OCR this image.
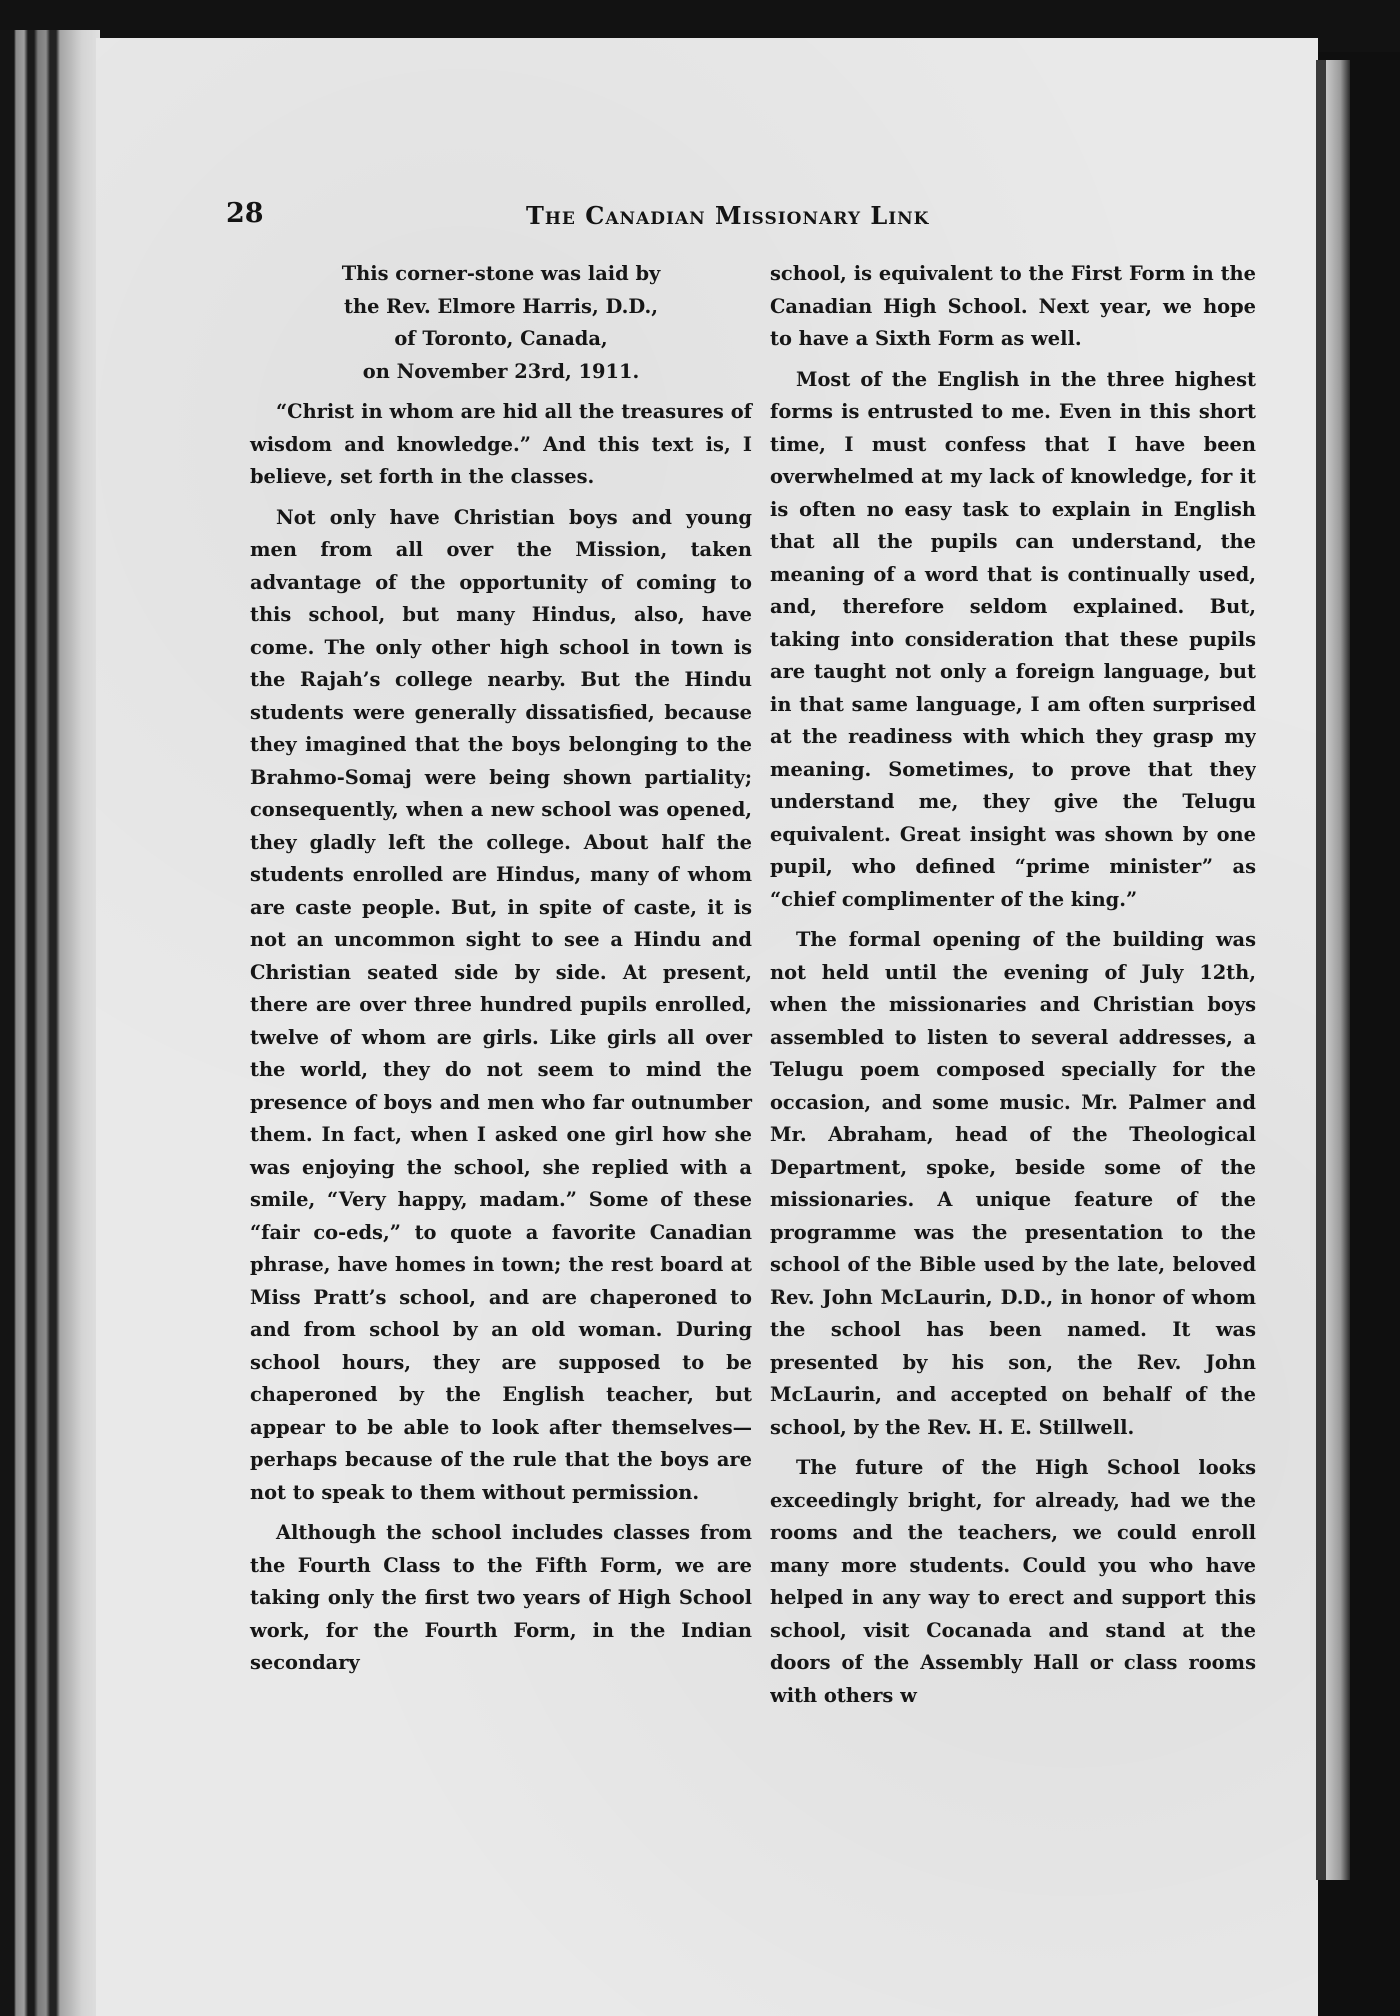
28	The Canadian Missionary Link
This corner-stone was laid by
the Rev. Elmore Harris, D.D.,
of Toronto, Canada,
on November 23rd, 1911.

“Christ in whom are hid all the treasures of wisdom and knowledge.” And this text is, I believe, set forth in the classes.

Not only have Christian boys and young men from all over the Mission, taken advantage of the opportunity of coming to this school, but many Hindus, also, have come. The only other high school in town is the Rajah’s college nearby. But the Hindu students were generally dissatisfied, because they imagined that the boys belonging to the Brahmo-Somaj were being shown partiality; consequently, when a new school was opened, they gladly left the college. About half the students enrolled are Hindus, many of whom are caste people. But, in spite of caste, it is not an uncommon sight to see a Hindu and Christian seated side by side. At present, there are over three hundred pupils enrolled, twelve of whom are girls. Like girls all over the world, they do not seem to mind the presence of boys and men who far outnumber them. In fact, when I asked one girl how she was enjoying the school, she replied with a smile, “Very happy, madam.” Some of these “fair co-eds,” to quote a favorite Canadian phrase, have homes in town; the rest board at Miss Pratt’s school, and are chaperoned to and from school by an old woman. During school hours, they are supposed to be chaperoned by the English teacher, but appear to be able to look after themselves—perhaps because of the rule that the boys are not to speak to them without permission.

Although the school includes classes from the Fourth Class to the Fifth Form, we are taking only the first two years of High School work, for the Fourth Form, in the Indian secondary

school, is equivalent to the First Form in the Canadian High School. Next year, we hope to have a Sixth Form as well.

Most of the English in the three highest forms is entrusted to me. Even in this short time, I must confess that I have been overwhelmed at my lack of knowledge, for it is often no easy task to explain in English that all the pupils can understand, the meaning of a word that is continually used, and, therefore seldom explained. But, taking into consideration that these pupils are taught not only a foreign language, but in that same language, I am often surprised at the readiness with which they grasp my meaning. Sometimes, to prove that they understand me, they give the Telugu equivalent. Great insight was shown by one pupil, who defined “prime minister” as “chief complimenter of the king.”

The formal opening of the building was not held until the evening of July 12th, when the missionaries and Christian boys assembled to listen to several addresses, a Telugu poem composed specially for the occasion, and some music. Mr. Palmer and Mr. Abraham, head of the Theological Department, spoke, beside some of the missionaries. A unique feature of the programme was the presentation to the school of the Bible used by the late, beloved Rev. John McLaurin, D.D., in honor of whom the school has been named. It was presented by his son, the Rev. John McLaurin, and accepted on behalf of the school, by the Rev. H. E. Stillwell.

The future of the High School looks exceedingly bright, for already, had we the rooms and the teachers, we could enroll many more students. Could you who have helped in any way to erect and support this school, visit Cocanada and stand at the doors of the Assembly Hall or class rooms with others w
